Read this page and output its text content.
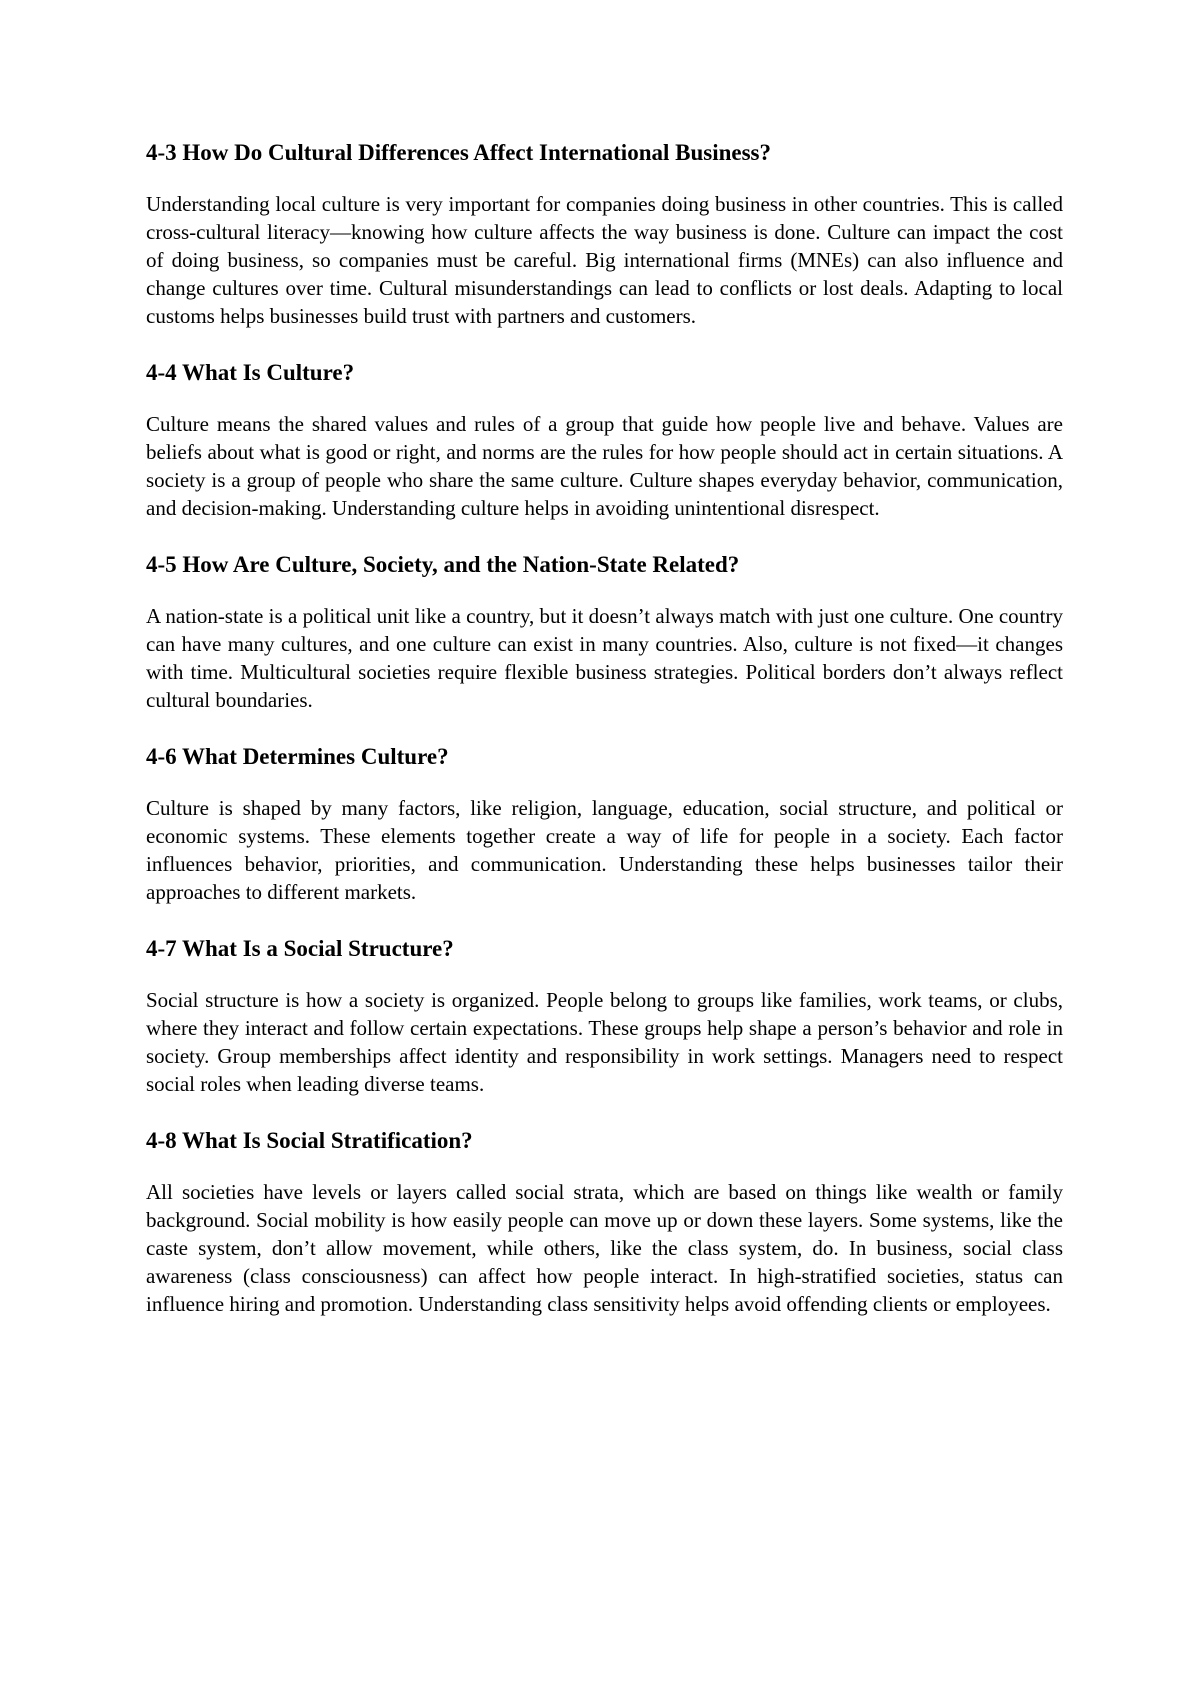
4-3 How Do Cultural Differences Affect International Business?

Understanding local culture is very important for companies doing business in other countries. This is called cross-cultural literacy—knowing how culture affects the way business is done. Culture can impact the cost of doing business, so companies must be careful. Big international firms (MNEs) can also influence and change cultures over time. Cultural misunderstandings can lead to conflicts or lost deals. Adapting to local customs helps businesses build trust with partners and customers.

4-4 What Is Culture?

Culture means the shared values and rules of a group that guide how people live and behave. Values are beliefs about what is good or right, and norms are the rules for how people should act in certain situations. A society is a group of people who share the same culture. Culture shapes everyday behavior, communication, and decision-making. Understanding culture helps in avoiding unintentional disrespect.

4-5 How Are Culture, Society, and the Nation-State Related?

A nation-state is a political unit like a country, but it doesn’t always match with just one culture. One country can have many cultures, and one culture can exist in many countries. Also, culture is not fixed—it changes with time. Multicultural societies require flexible business strategies. Political borders don’t always reflect cultural boundaries.

4-6 What Determines Culture?

Culture is shaped by many factors, like religion, language, education, social structure, and political or economic systems. These elements together create a way of life for people in a society. Each factor influences behavior, priorities, and communication. Understanding these helps businesses tailor their approaches to different markets.

4-7 What Is a Social Structure?

Social structure is how a society is organized. People belong to groups like families, work teams, or clubs, where they interact and follow certain expectations. These groups help shape a person’s behavior and role in society. Group memberships affect identity and responsibility in work settings. Managers need to respect social roles when leading diverse teams.

4-8 What Is Social Stratification?

All societies have levels or layers called social strata, which are based on things like wealth or family background. Social mobility is how easily people can move up or down these layers. Some systems, like the caste system, don’t allow movement, while others, like the class system, do. In business, social class awareness (class consciousness) can affect how people interact. In high-stratified societies, status can influence hiring and promotion. Understanding class sensitivity helps avoid offending clients or employees.
